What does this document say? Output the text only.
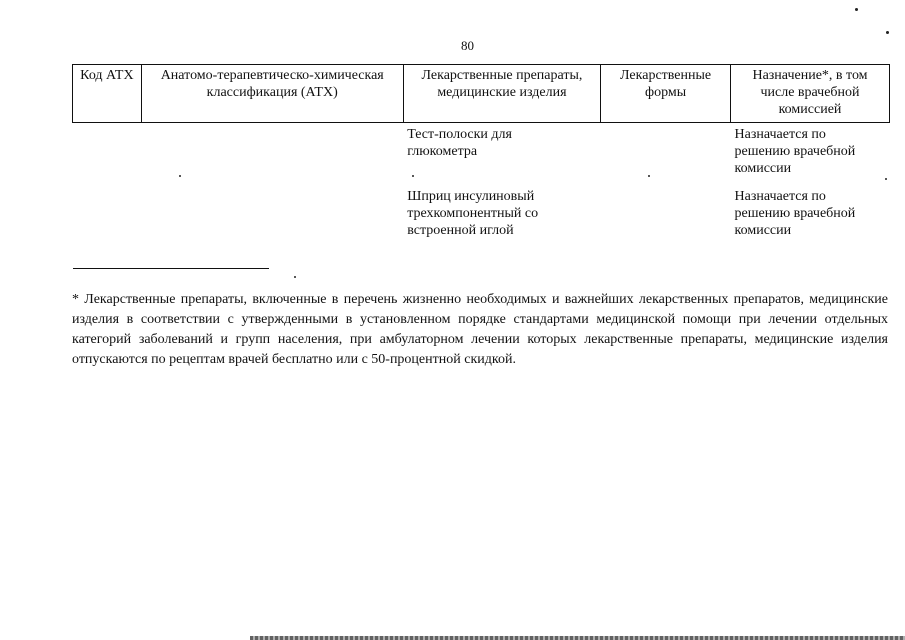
80
Код АТХ	Анатомо-терапевтическо-химическая классификация (АТХ)	Лекарственные препараты, медицинские изделия	Лекарственные формы	Назначение*, в том числе врачебной комиссией

		Тест-полоски для глюкометра		Назначается по решению врачебной комиссии

		Шприц инсулиновый трехкомпонентный со встроенной иглой		Назначается по решению врачебной комиссии
* Лекарственные препараты, включенные в перечень жизненно необходимых и важнейших лекарственных препаратов, медицинские изделия в соответствии с утвержденными в установленном порядке стандартами медицинской помощи при лечении отдельных категорий заболеваний и групп населения, при амбулаторном лечении которых лекарственные препараты, медицинские изделия отпускаются по рецептам врачей бесплатно или с 50-процентной скидкой.
